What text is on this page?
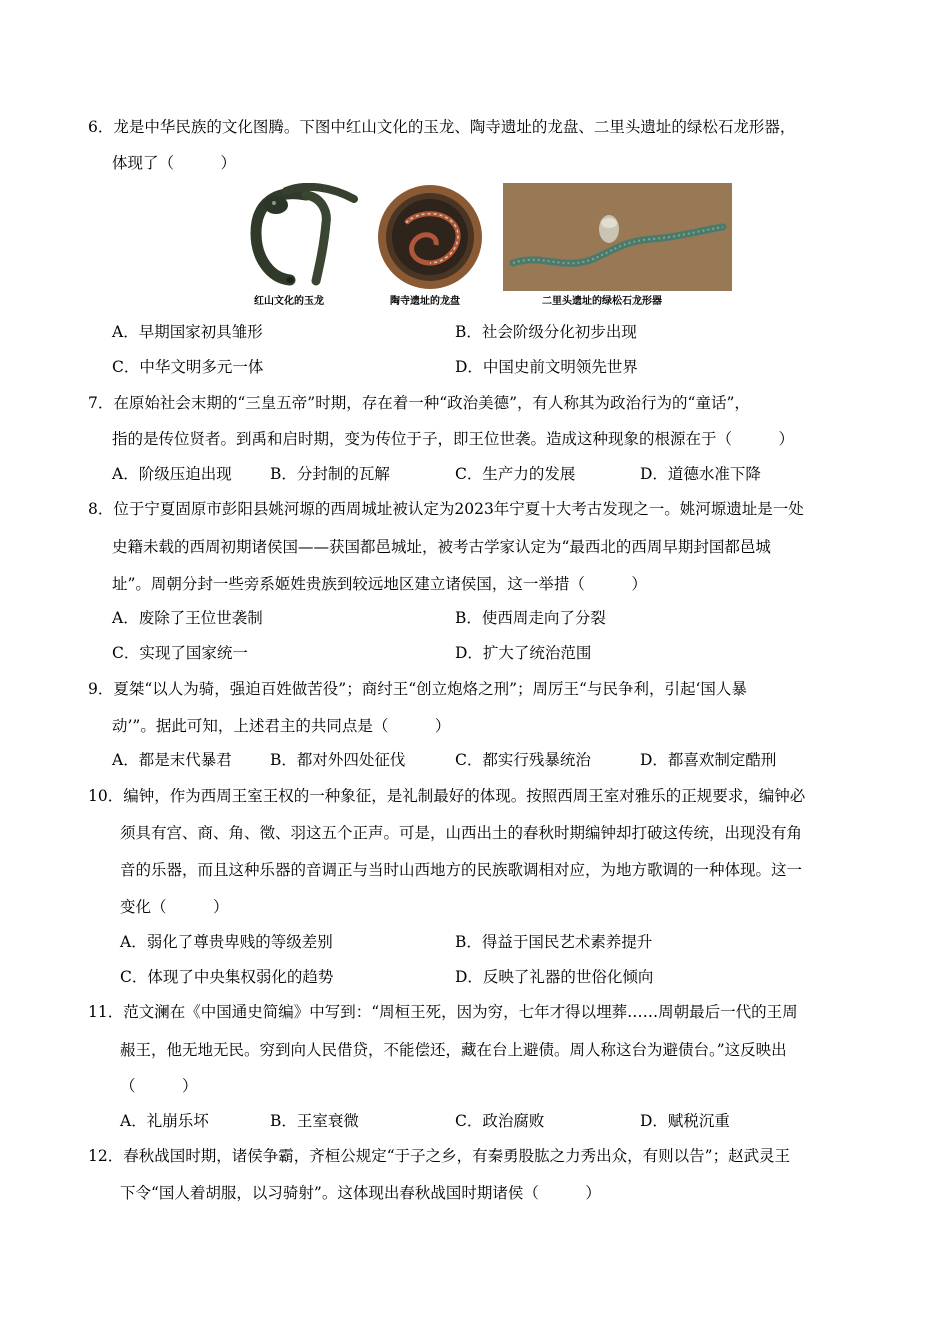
6．龙是中华民族的文化图腾。下图中红山文化的玉龙、陶寺遗址的龙盘、二里头遗址的绿松石龙形器，
体现了（　　　）
红山文化的玉龙	陶寺遗址的龙盘	二里头遗址的绿松石龙形器
A．早期国家初具雏形	B．社会阶级分化初步出现
C．中华文明多元一体	D．中国史前文明领先世界
7．在原始社会末期的“三皇五帝”时期，存在着一种“政治美德”，有人称其为政治行为的“童话”，
指的是传位贤者。到禹和启时期，变为传位于子，即王位世袭。造成这种现象的根源在于（　　　）
A．阶级压迫出现 B．分封制的瓦解	C．生产力的发展	D．道德水准下降
8．位于宁夏固原市彭阳县姚河塬的西周城址被认定为2023年宁夏十大考古发现之一。姚河塬遗址是一处
史籍未载的西周初期诸侯国——获国都邑城址，被考古学家认定为“最西北的西周早期封国都邑城
址”。周朝分封一些旁系姬姓贵族到较远地区建立诸侯国，这一举措（　　　）
A．废除了王位世袭制	B．使西周走向了分裂
C．实现了国家统一	D．扩大了统治范围
9．夏桀“以人为骑，强迫百姓做苦役”；商纣王“创立炮烙之刑”；周厉王“与民争利，引起‘国人暴
动’”。据此可知，上述君主的共同点是（　　　）
A．都是末代暴君 B．都对外四处征伐	C．都实行残暴统治	D．都喜欢制定酷刑
10．编钟，作为西周王室王权的一种象征，是礼制最好的体现。按照西周王室对雅乐的正规要求，编钟必
须具有宫、商、角、徵、羽这五个正声。可是，山西出土的春秋时期编钟却打破这传统，出现没有角
音的乐器，而且这种乐器的音调正与当时山西地方的民族歌调相对应，为地方歌调的一种体现。这一
变化（　　　）
A．弱化了尊贵卑贱的等级差别	B．得益于国民艺术素养提升
C．体现了中央集权弱化的趋势	D．反映了礼器的世俗化倾向
11．范文澜在《中国通史简编》中写到：“周桓王死，因为穷，七年才得以埋葬……周朝最后一代的王周
赧王，他无地无民。穷到向人民借贷，不能偿还，藏在台上避债。周人称这台为避债台。”这反映出
（　　　）
A．礼崩乐坏	B．王室衰微	C．政治腐败	D．赋税沉重
12．春秋战国时期，诸侯争霸，齐桓公规定“于子之乡，有秦勇股肱之力秀出众，有则以告”；赵武灵王
下令“国人着胡服，以习骑射”。这体现出春秋战国时期诸侯（　　　）
